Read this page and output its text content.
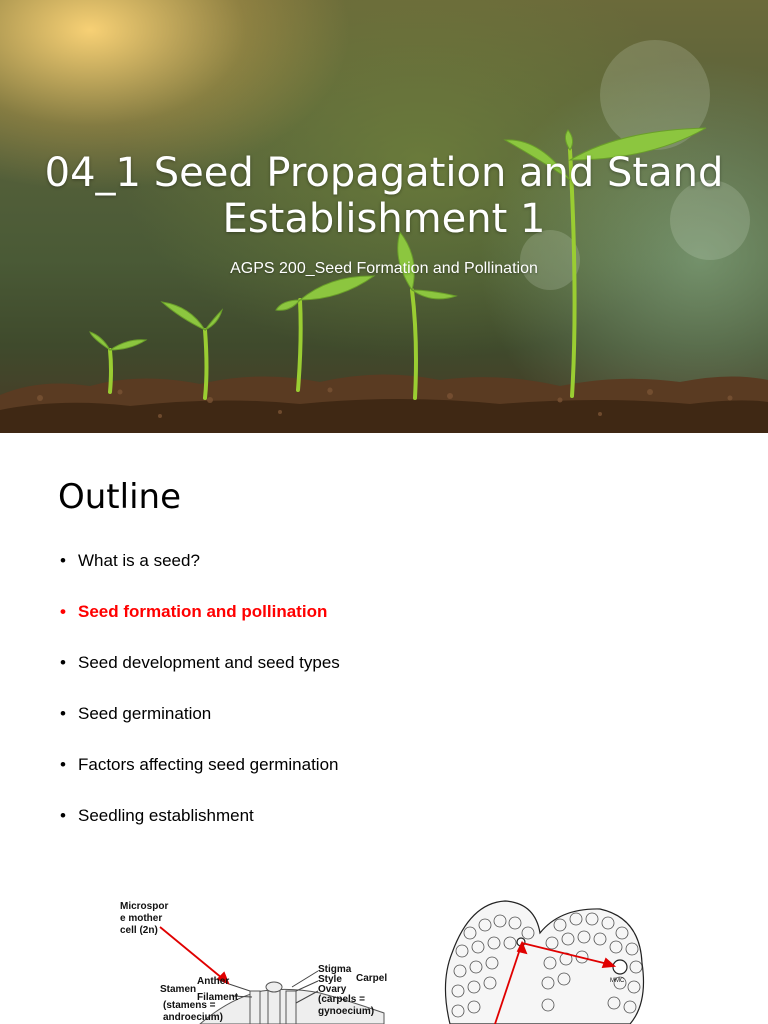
04_1 Seed Propagation and Stand Establishment 1
AGPS 200_Seed Formation and Pollination
Outline
• What is a seed?
• Seed formation and pollination
• Seed development and seed types
• Seed germination
• Factors affecting seed germination
• Seedling establishment
Microspor
e mother
cell (2n)
Anther
Stamen
Filament
(stamens =
androecium)
Stigma
Style Carpel
Ovary
(carpels =
gynoecium)
MMC
